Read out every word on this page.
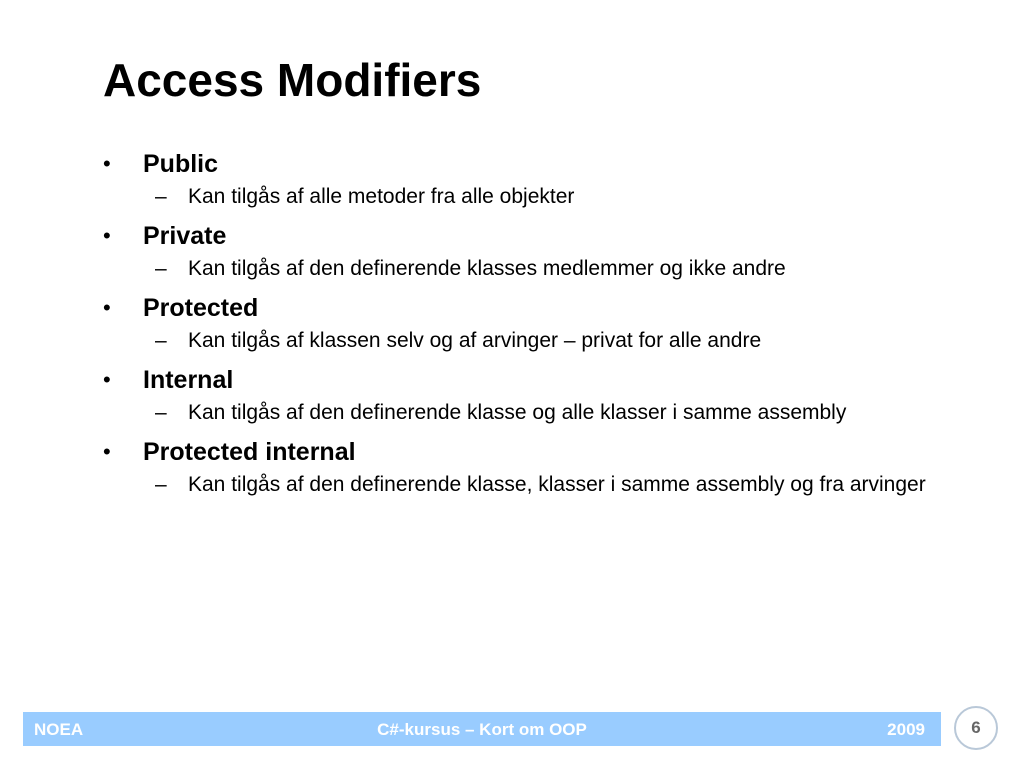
Access Modifiers
• Public
– Kan tilgås af alle metoder fra alle objekter
• Private
– Kan tilgås af den definerende klasses medlemmer og ikke andre
• Protected
– Kan tilgås af klassen selv og af arvinger – privat for alle andre
• Internal
– Kan tilgås af den definerende klasse og alle klasser i samme assembly
• Protected internal
– Kan tilgås af den definerende klasse, klasser i samme assembly og fra arvinger
NOEA	C#-kursus – Kort om OOP	2009	6
